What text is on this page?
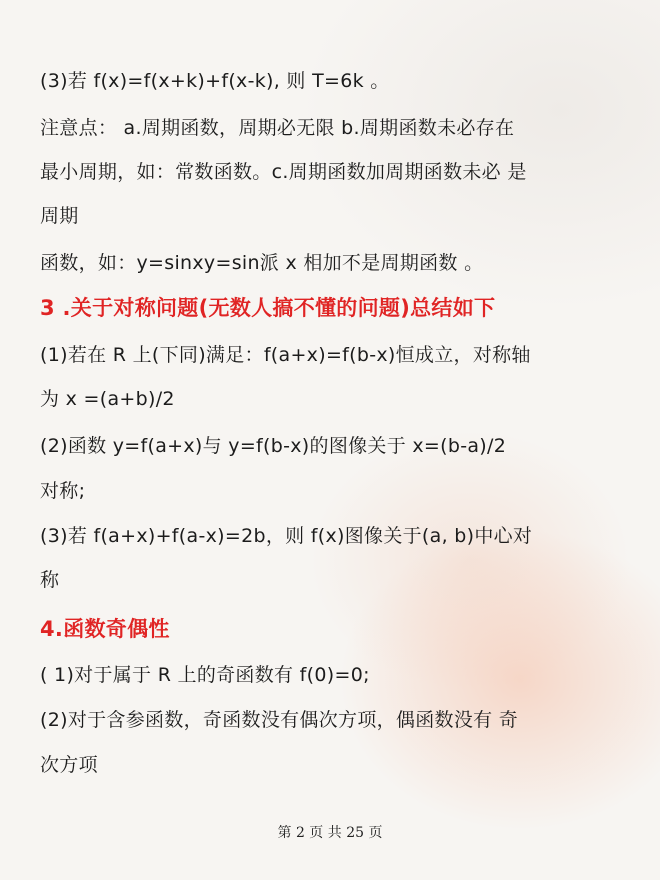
(3)若 f(x)=f(x+k)+f(x-k), 则 T=6k 。
注意点： a.周期函数，周期必无限 b.周期函数未必存在
最小周期，如：常数函数。c.周期函数加周期函数未必 是
周期
函数，如：y=sinxy=sin派 x 相加不是周期函数 。
3 .关于对称问题(无数人搞不懂的问题)总结如下
(1)若在 R 上(下同)满足：f(a+x)=f(b-x)恒成立，对称轴
为 x =(a+b)/2
(2)函数 y=f(a+x)与 y=f(b-x)的图像关于 x=(b-a)/2
对称;
(3)若 f(a+x)+f(a-x)=2b，则 f(x)图像关于(a, b)中心对
称
4.函数奇偶性
( 1)对于属于 R 上的奇函数有 f(0)=0;
(2)对于含参函数，奇函数没有偶次方项，偶函数没有 奇
次方项
第 2 页 共 25 页
